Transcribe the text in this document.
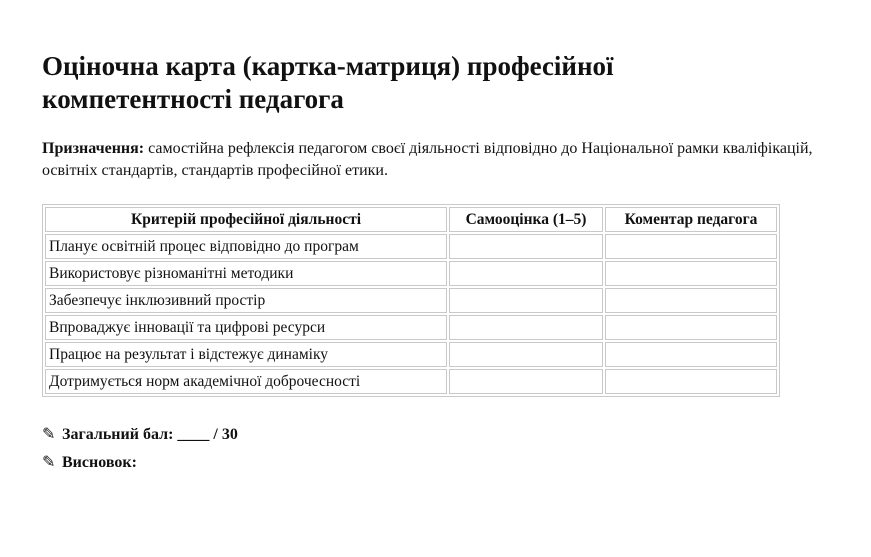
Оціночна карта (картка-матриця) професійної компетентності педагога

Призначення: самостійна рефлексія педагогом своєї діяльності відповідно до Національної рамки кваліфікацій, освітніх стандартів, стандартів професійної етики.

Критерій професійної діяльності	Самооцінка (1–5)	Коментар педагога
Планує освітній процес відповідно до програм		
Використовує різноманітні методики		
Забезпечує інклюзивний простір		
Впроваджує інновації та цифрові ресурси		
Працює на результат і відстежує динаміку		
Дотримується норм академічної доброчесності		
✎ Загальний бал: ____ / 30
✎ Висновок:
